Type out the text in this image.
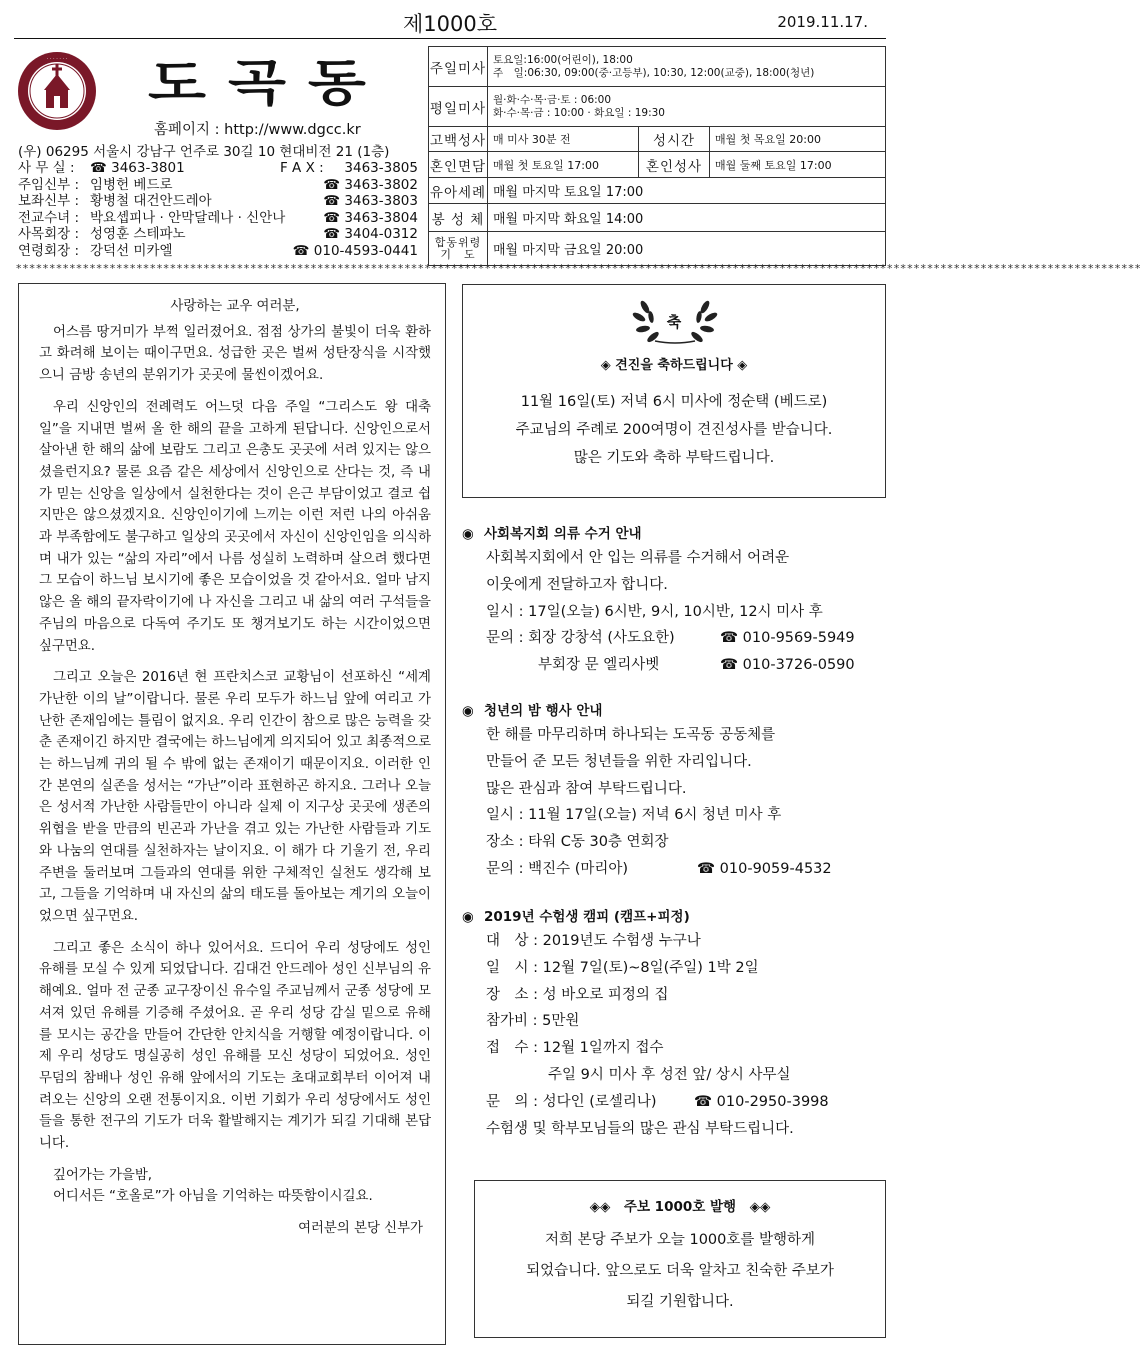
제1000호	2019.11.17.
· · · · · · · 도곡동
홈페이지 : http://www.dgcc.kr
(우) 06295 서울시 강남구 언주로 30길 10 현대비전 21 (1층)
사 무 실 : ☎ 3463-3801	F A X : 3463-3805
주임신부 : 임병헌 베드로	☎ 3463-3802
보좌신부 : 황병철 대건안드레아	☎ 3463-3803
전교수녀 : 박요셉피나 · 안막달레나 · 신안나	☎ 3463-3804
사목회장 : 성영훈 스테파노	☎ 3404-0312
연령회장 : 강덕선 미카엘	☎ 010-4593-0441
주일미사	토요일:16:00(어린이), 18:00
주　일:06:30, 09:00(중·고등부), 10:30, 12:00(교중), 18:00(청년)		

평일미사	월·화·수·목·금·토 : 06:00
화·수·목·금 : 10:00 · 화요일 : 19:30		

고백성사	매 미사 30분 전	성시간	매월 첫 목요일 20:00
혼인면담	매월 첫 토요일 17:00	혼인성사	매월 둘째 토요일 17:00
유아세례	매월 마지막 토요일 17:00		
봉 성 체	매월 마지막 화요일 14:00		

합동위령
기　도	매월 마지막 금요일 20:00		
************************************************************************************************************************************************************************

사랑하는 교우 여러분,

어스름 땅거미가 부쩍 일러졌어요. 점점 상가의 불빛이 더욱 환하고 화려해 보이는 때이구먼요. 성급한 곳은 벌써 성탄장식을 시작했으니 금방 송년의 분위기가 곳곳에 물씬이겠어요.

우리 신앙인의 전례력도 어느덧 다음 주일 “그리스도 왕 대축일”을 지내면 벌써 올 한 해의 끝을 고하게 된답니다. 신앙인으로서 살아낸 한 해의 삶에 보람도 그리고 은총도 곳곳에 서려 있지는 않으셨을런지요? 물론 요즘 같은 세상에서 신앙인으로 산다는 것, 즉 내가 믿는 신앙을 일상에서 실천한다는 것이 은근 부담이었고 결코 쉽지만은 않으셨겠지요. 신앙인이기에 느끼는 이런 저런 나의 아쉬움과 부족함에도 불구하고 일상의 곳곳에서 자신이 신앙인임을 의식하며 내가 있는 “삶의 자리”에서 나름 성실히 노력하며 살으려 했다면 그 모습이 하느님 보시기에 좋은 모습이었을 것 같아서요. 얼마 남지 않은 올 해의 끝자락이기에 나 자신을 그리고 내 삶의 여러 구석들을 주님의 마음으로 다독여 주기도 또 챙겨보기도 하는 시간이었으면 싶구먼요.

그리고 오늘은 2016년 현 프란치스코 교황님이 선포하신 “세계 가난한 이의 날”이랍니다. 물론 우리 모두가 하느님 앞에 여리고 가난한 존재임에는 틀림이 없지요. 우리 인간이 참으로 많은 능력을 갖춘 존재이긴 하지만 결국에는 하느님에게 의지되어 있고 최종적으로는 하느님께 귀의 될 수 밖에 없는 존재이기 때문이지요. 이러한 인간 본연의 실존을 성서는 “가난”이라 표현하곤 하지요. 그러나 오늘은 성서적 가난한 사람들만이 아니라 실제 이 지구상 곳곳에 생존의 위협을 받을 만큼의 빈곤과 가난을 겪고 있는 가난한 사람들과 기도와 나눔의 연대를 실천하자는 날이지요. 이 해가 다 기울기 전, 우리 주변을 둘러보며 그들과의 연대를 위한 구체적인 실천도 생각해 보고, 그들을 기억하며 내 자신의 삶의 태도를 돌아보는 계기의 오늘이었으면 싶구먼요.

그리고 좋은 소식이 하나 있어서요. 드디어 우리 성당에도 성인 유해를 모실 수 있게 되었답니다. 김대건 안드레아 성인 신부님의 유해예요. 얼마 전 군종 교구장이신 유수일 주교님께서 군종 성당에 모셔져 있던 유해를 기증해 주셨어요. 곧 우리 성당 감실 밑으로 유해를 모시는 공간을 만들어 간단한 안치식을 거행할 예정이랍니다. 이제 우리 성당도 명실공히 성인 유해를 모신 성당이 되었어요. 성인 무덤의 참배나 성인 유해 앞에서의 기도는 초대교회부터 이어져 내려오는 신앙의 오랜 전통이지요. 이번 기회가 우리 성당에서도 성인들을 통한 전구의 기도가 더욱 활발해지는 계기가 되길 기대해 본답니다.

깊어가는 가을밤,

어디서든 “호올로”가 아님을 기억하는 따뜻함이시길요.

여러분의 본당 신부가

축
◈ 견진을 축하드립니다 ◈
11월 16일(토) 저녁 6시 미사에 정순택 (베드로)
주교님의 주례로 200여명이 견진성사를 받습니다.
많은 기도와 축하 부탁드립니다.
◉ 사회복지회 의류 수거 안내
사회복지회에서 안 입는 의류를 수거해서 어려운
이웃에게 전달하고자 합니다.
일시 : 17일(오늘) 6시반, 9시, 10시반, 12시 미사 후
문의 : 회장 강창석 (사도요한)	☎ 010-9569-5949
부회장 문 엘리사벳	☎ 010-3726-0590
◉ 청년의 밤 행사 안내
한 해를 마무리하며 하나되는 도곡동 공동체를
만들어 준 모든 청년들을 위한 자리입니다.
많은 관심과 참여 부탁드립니다.
일시 : 11월 17일(오늘) 저녁 6시 청년 미사 후
장소 : 타워 C동 30층 연회장
문의 : 백진수 (마리아)	☎ 010-9059-4532
◉ 2019년 수험생 캠피 (캠프+피정)
대　상 : 2019년도 수험생 누구나
일　시 : 12월 7일(토)~8일(주일) 1박 2일
장　소 : 성 바오로 피정의 집
참가비 : 5만원
접　수 : 12월 1일까지 접수
주일 9시 미사 후 성전 앞/ 상시 사무실
문　의 : 성다인 (로셀리나)	☎ 010-2950-3998
수험생 및 학부모님들의 많은 관심 부탁드립니다.
◈◈　주보 1000호 발행　◈◈
저희 본당 주보가 오늘 1000호를 발행하게
되었습니다. 앞으로도 더욱 알차고 친숙한 주보가
되길 기원합니다.
